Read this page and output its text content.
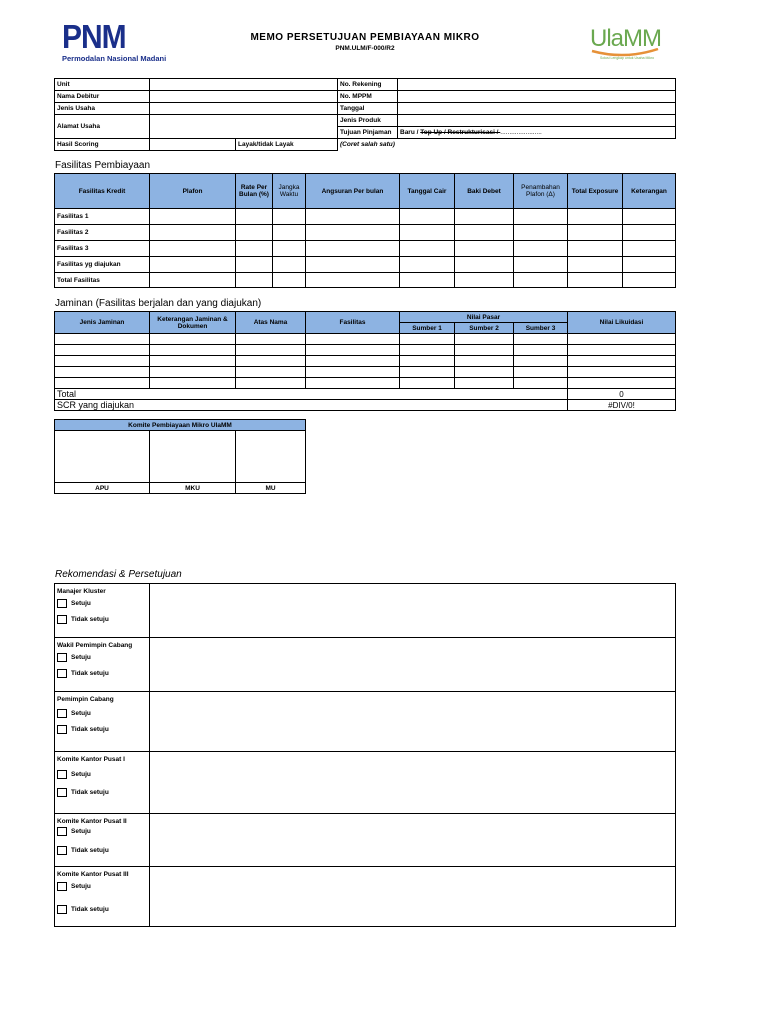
PNM
Permodalan Nasional Madani
MEMO PERSETUJUAN PEMBIAYAAN MIKRO
PNM.ULM/F-000/R2	UlaMM
Solusi Lengkap untuk Usaha Mikro
Unit			No. Rekening	
Nama Debitur			No. MPPM	
Jenis Usaha			Tanggal	
Alamat Usaha			Jenis Produk	
			Tujuan Pinjaman	Baru / Top Up / Restrukturisasi / .......................
Hasil Scoring		Layak/tidak Layak	(Coret salah satu)	
Fasilitas Pembiayaan
Fasilitas Kredit	Plafon	Rate Per Bulan (%)	Jangka Waktu	Angsuran Per bulan	Tanggal Cair	Baki Debet	Penambahan Plafon (Δ)	Total Exposure	Keterangan
Fasilitas 1									
Fasilitas 2									
Fasilitas 3									
Fasilitas yg diajukan									
Total Fasilitas									
Jaminan (Fasilitas berjalan dan yang diajukan)
Jenis Jaminan	Keterangan Jaminan & Dokumen	Atas Nama	Fasilitas	Nilai Pasar			Nilai Likuidasi
				Sumber 1	Sumber 2	Sumber 3	

Total							0
SCR yang diajukan							#DIV/0!
Komite Pembiayaan Mikro UlaMM		

APU	MKU	MU
Rekomendasi & Persetujuan
Manajer Kluster
Setuju
Tidak setuju	

Wakil Pemimpin Cabang
Setuju
Tidak setuju	

Pemimpin Cabang
Setuju
Tidak setuju	

Komite Kantor Pusat I
Setuju
Tidak setuju	

Komite Kantor Pusat II
Setuju
Tidak setuju	

Komite Kantor Pusat III
Setuju
Tidak setuju	
